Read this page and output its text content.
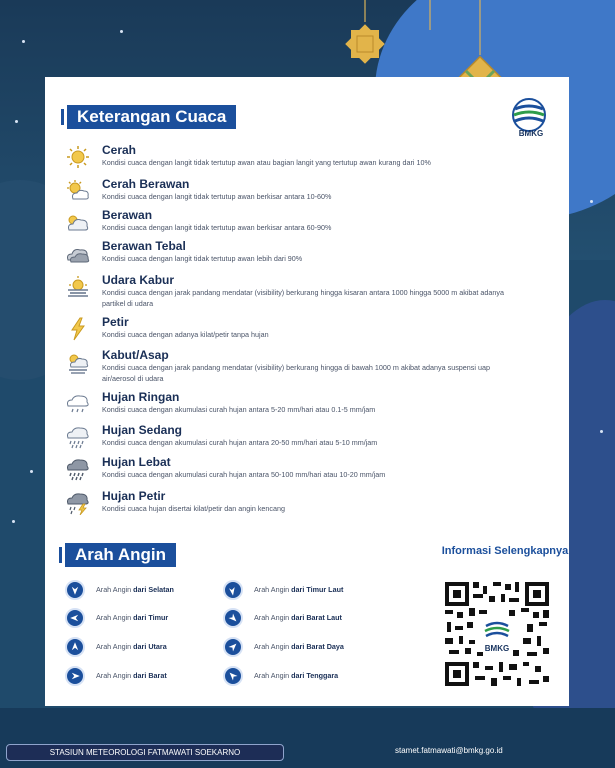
Keterangan Cuaca
BMKG
Cerah
Kondisi cuaca dengan langit tidak tertutup awan atau bagian langit yang tertutup awan kurang dari 10%
Cerah Berawan
Kondisi cuaca dengan langit tidak tertutup awan berkisar antara 10-60%
Berawan
Kondisi cuaca dengan langit tidak tertutup awan berkisar antara 60-90%
Berawan Tebal
Kondisi cuaca dengan langit tidak tertutup awan lebih dari 90%
Udara Kabur
Kondisi cuaca dengan jarak pandang mendatar (visibility) berkurang hingga kisaran antara 1000 hingga 5000 m akibat adanya partikel di udara
Petir
Kondisi cuaca dengan adanya kilat/petir tanpa hujan
Kabut/Asap
Kondisi cuaca dengan jarak pandang mendatar (visibility) berkurang hingga di bawah 1000 m akibat adanya suspensi uap air/aerosol di udara
Hujan Ringan
Kondisi cuaca dengan akumulasi curah hujan antara 5-20 mm/hari atau 0.1-5 mm/jam
Hujan Sedang
Kondisi cuaca dengan akumulasi curah hujan antara 20-50 mm/hari atau 5-10 mm/jam
Hujan Lebat
Kondisi cuaca dengan akumulasi curah hujan antara 50-100 mm/hari atau 10-20 mm/jam
Hujan Petir
Kondisi cuaca hujan disertai kilat/petir dan angin kencang
Arah Angin
Arah Angin dari Selatan
Arah Angin dari Timur
Arah Angin dari Utara
Arah Angin dari Barat
Arah Angin dari Timur Laut
Arah Angin dari Barat Laut
Arah Angin dari Barat Daya
Arah Angin dari Tenggara
Informasi Selengkapnya
BMKG
STASIUN METEOROLOGI FATMAWATI SOEKARNO	stamet.fatmawati@bmkg.go.id
